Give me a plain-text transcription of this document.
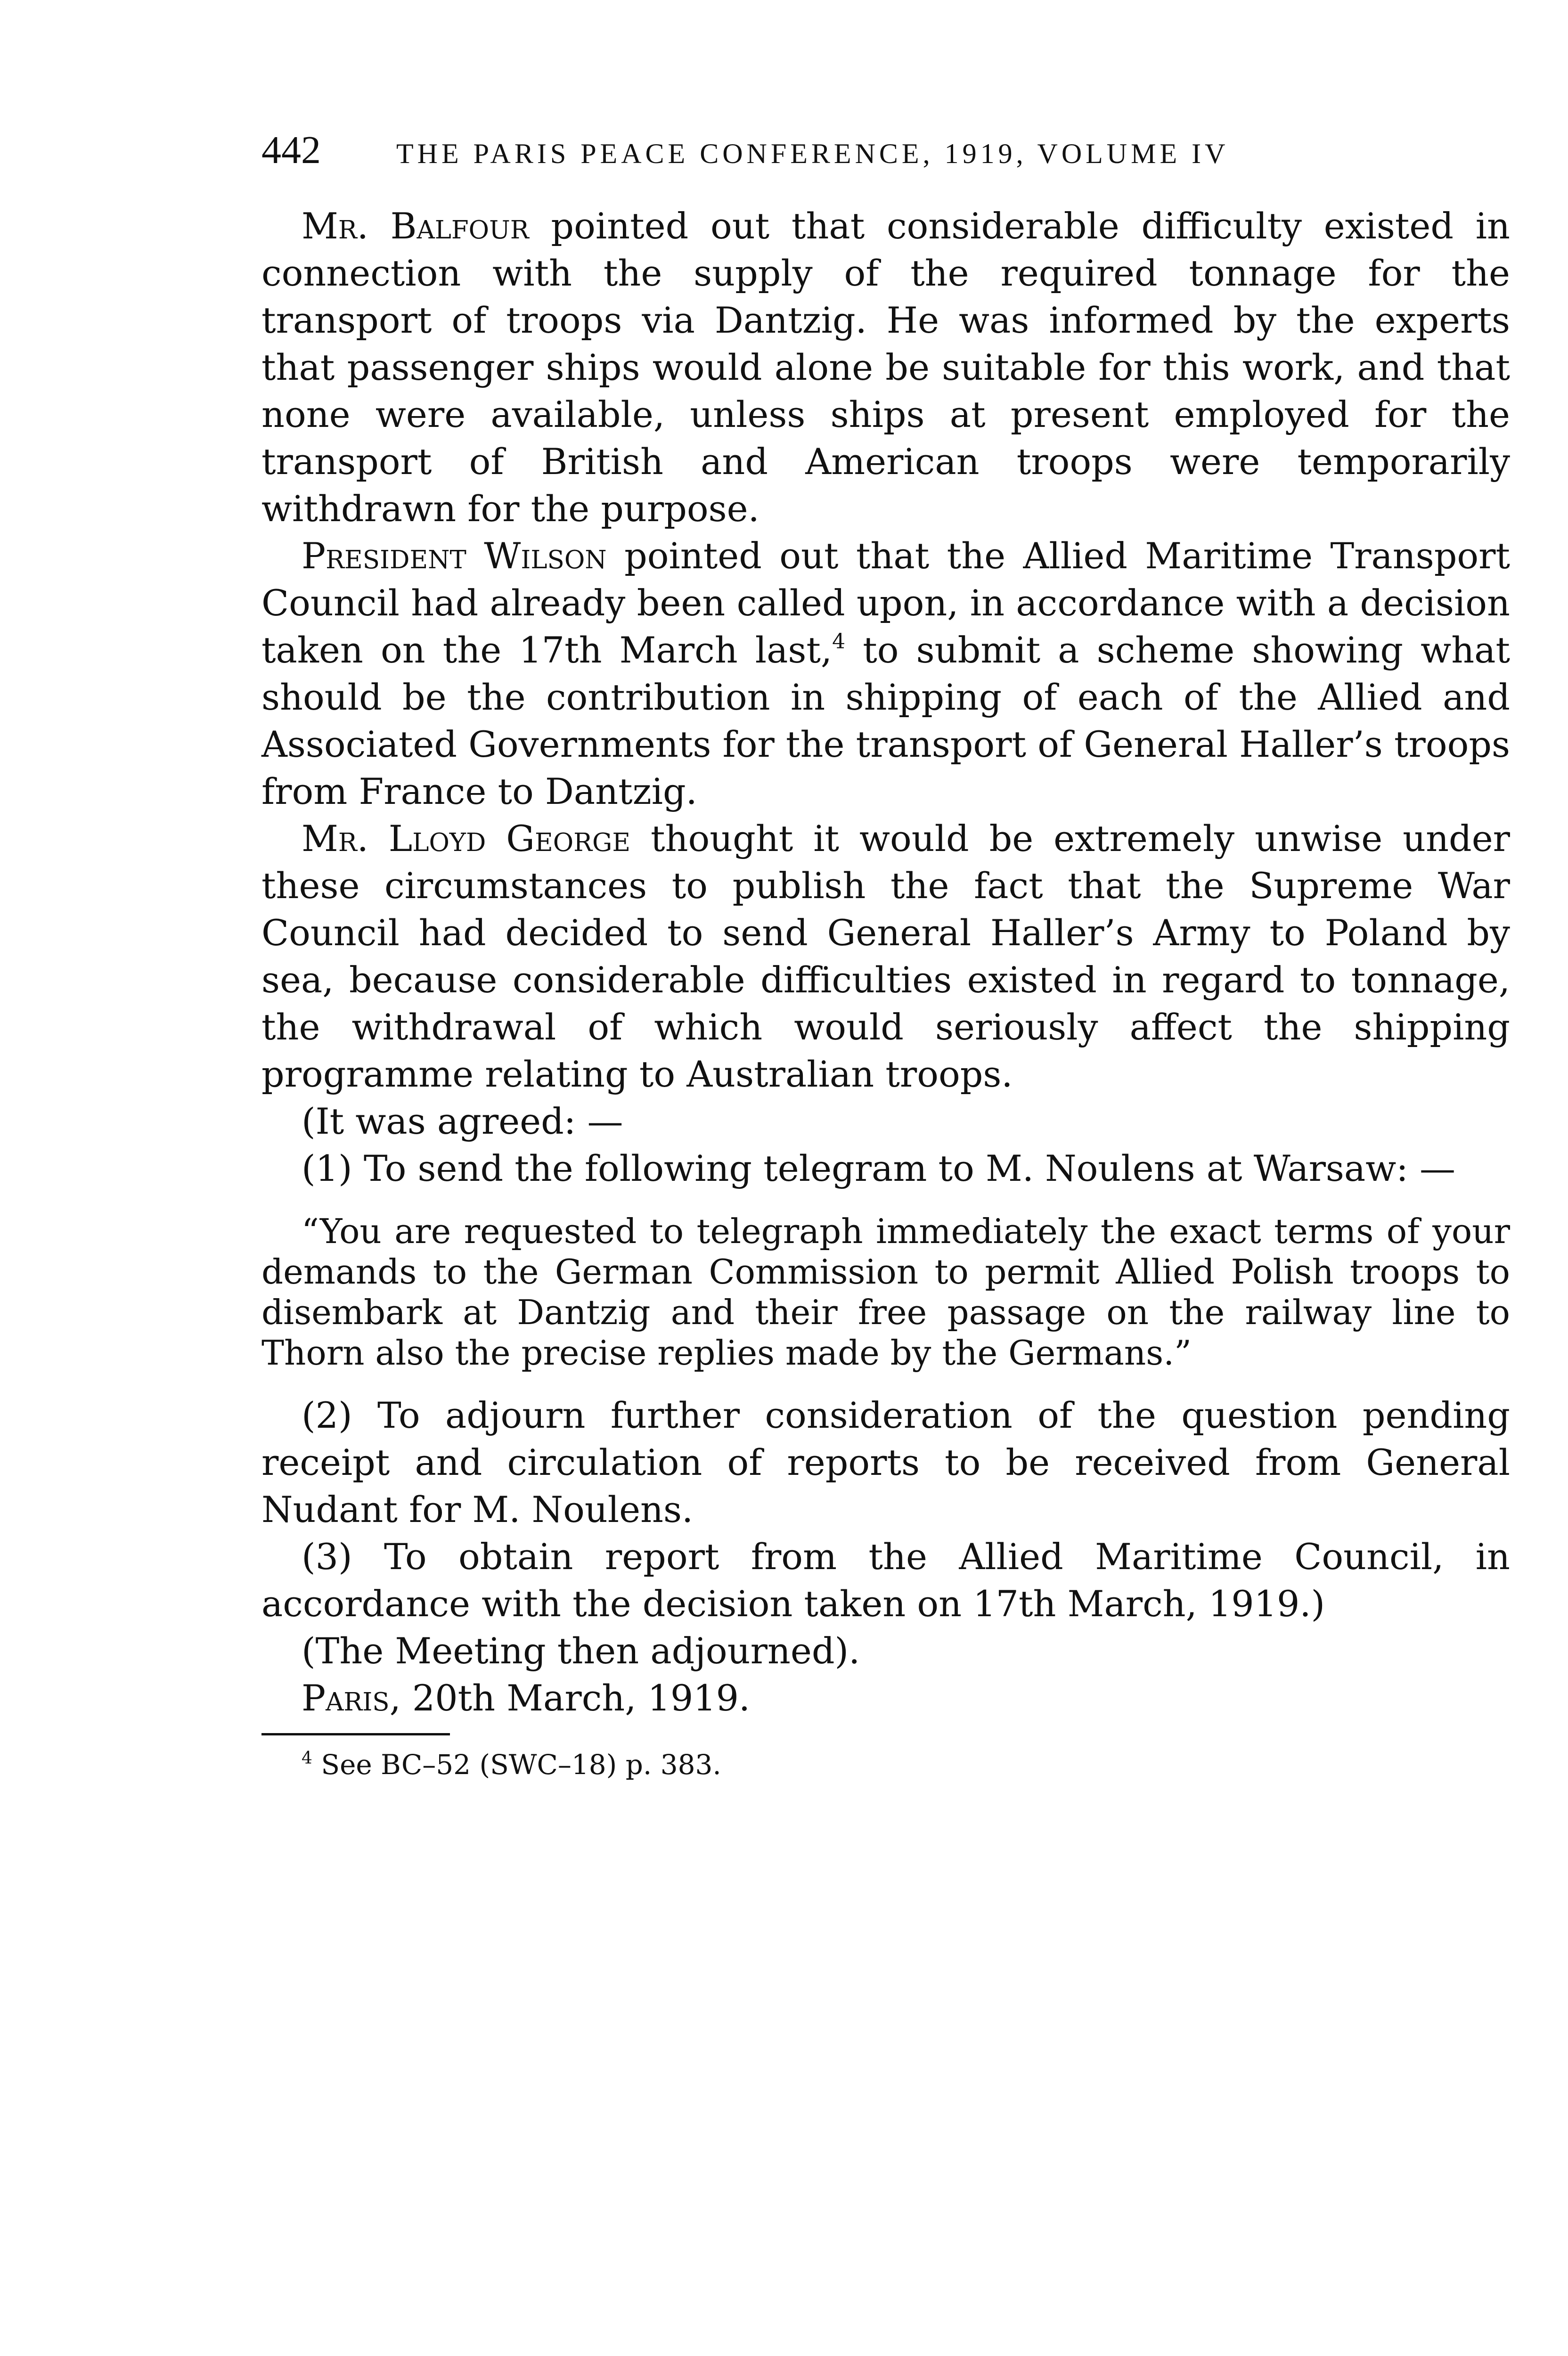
442	THE PARIS PEACE CONFERENCE, 1919, VOLUME IV

Mr. Balfour pointed out that considerable difficulty existed in connection with the supply of the required tonnage for the transport of troops via Dantzig. He was informed by the experts that passenger ships would alone be suitable for this work, and that none were available, unless ships at present employed for the transport of British and American troops were temporarily withdrawn for the purpose.

President Wilson pointed out that the Allied Maritime Transport Council had already been called upon, in accordance with a decision taken on the 17th March last,$^4$ to submit a scheme showing what should be the contribution in shipping of each of the Allied and Associated Governments for the transport of General Haller’s troops from France to Dantzig.

Mr. Lloyd George thought it would be extremely unwise under these circumstances to publish the fact that the Supreme War Council had decided to send General Haller’s Army to Poland by sea, because considerable difficulties existed in regard to tonnage, the withdrawal of which would seriously affect the shipping programme relating to Australian troops.

(It was agreed: —

(1) To send the following telegram to M. Noulens at Warsaw: —

“You are requested to telegraph immediately the exact terms of your demands to the German Commission to permit Allied Polish troops to disembark at Dantzig and their free passage on the railway line to Thorn also the precise replies made by the Germans.”

(2) To adjourn further consideration of the question pending receipt and circulation of reports to be received from General Nudant for M. Noulens.

(3) To obtain report from the Allied Maritime Council, in accordance with the decision taken on 17th March, 1919.)

(The Meeting then adjourned).

Paris, 20th March, 1919.

$^4$ See BC–52 (SWC–18) p. 383.
